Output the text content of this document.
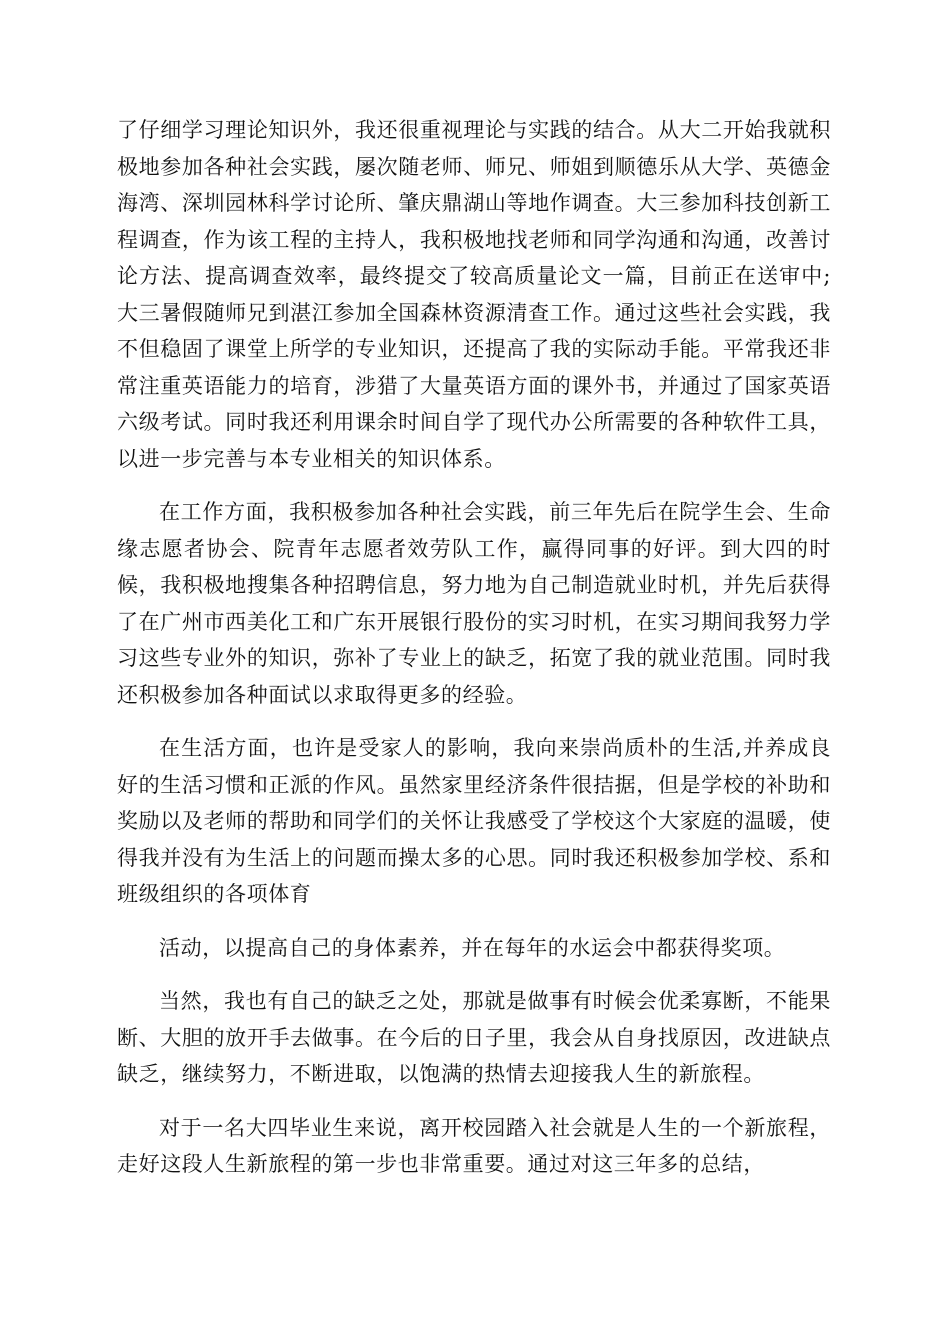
了仔细学习理论知识外，我还很重视理论与实践的结合。从大二开始我就积极地参加各种社会实践，屡次随老师、师兄、师姐到顺德乐从大学、英德金海湾、深圳园林科学讨论所、肇庆鼎湖山等地作调查。大三参加科技创新工程调查，作为该工程的主持人，我积极地找老师和同学沟通和沟通，改善讨论方法、提高调查效率，最终提交了较高质量论文一篇，目前正在送审中;大三暑假随师兄到湛江参加全国森林资源清查工作。通过这些社会实践，我不但稳固了课堂上所学的专业知识，还提高了我的实际动手能。平常我还非常注重英语能力的培育，涉猎了大量英语方面的课外书，并通过了国家英语六级考试。同时我还利用课余时间自学了现代办公所需要的各种软件工具，以进一步完善与本专业相关的知识体系。

在工作方面，我积极参加各种社会实践，前三年先后在院学生会、生命缘志愿者协会、院青年志愿者效劳队工作，赢得同事的好评。到大四的时候，我积极地搜集各种招聘信息，努力地为自己制造就业时机，并先后获得了在广州市西美化工和广东开展银行股份的实习时机，在实习期间我努力学习这些专业外的知识，弥补了专业上的缺乏，拓宽了我的就业范围。同时我还积极参加各种面试以求取得更多的经验。

在生活方面，也许是受家人的影响，我向来崇尚质朴的生活,并养成良好的生活习惯和正派的作风。虽然家里经济条件很拮据，但是学校的补助和奖励以及老师的帮助和同学们的关怀让我感受了学校这个大家庭的温暖，使得我并没有为生活上的问题而操太多的心思。同时我还积极参加学校、系和班级组织的各项体育

活动，以提高自己的身体素养，并在每年的水运会中都获得奖项。

当然，我也有自己的缺乏之处，那就是做事有时候会优柔寡断，不能果断、大胆的放开手去做事。在今后的日子里，我会从自身找原因，改进缺点缺乏，继续努力，不断进取，以饱满的热情去迎接我人生的新旅程。

对于一名大四毕业生来说，离开校园踏入社会就是人生的一个新旅程，走好这段人生新旅程的第一步也非常重要。通过对这三年多的总结，
